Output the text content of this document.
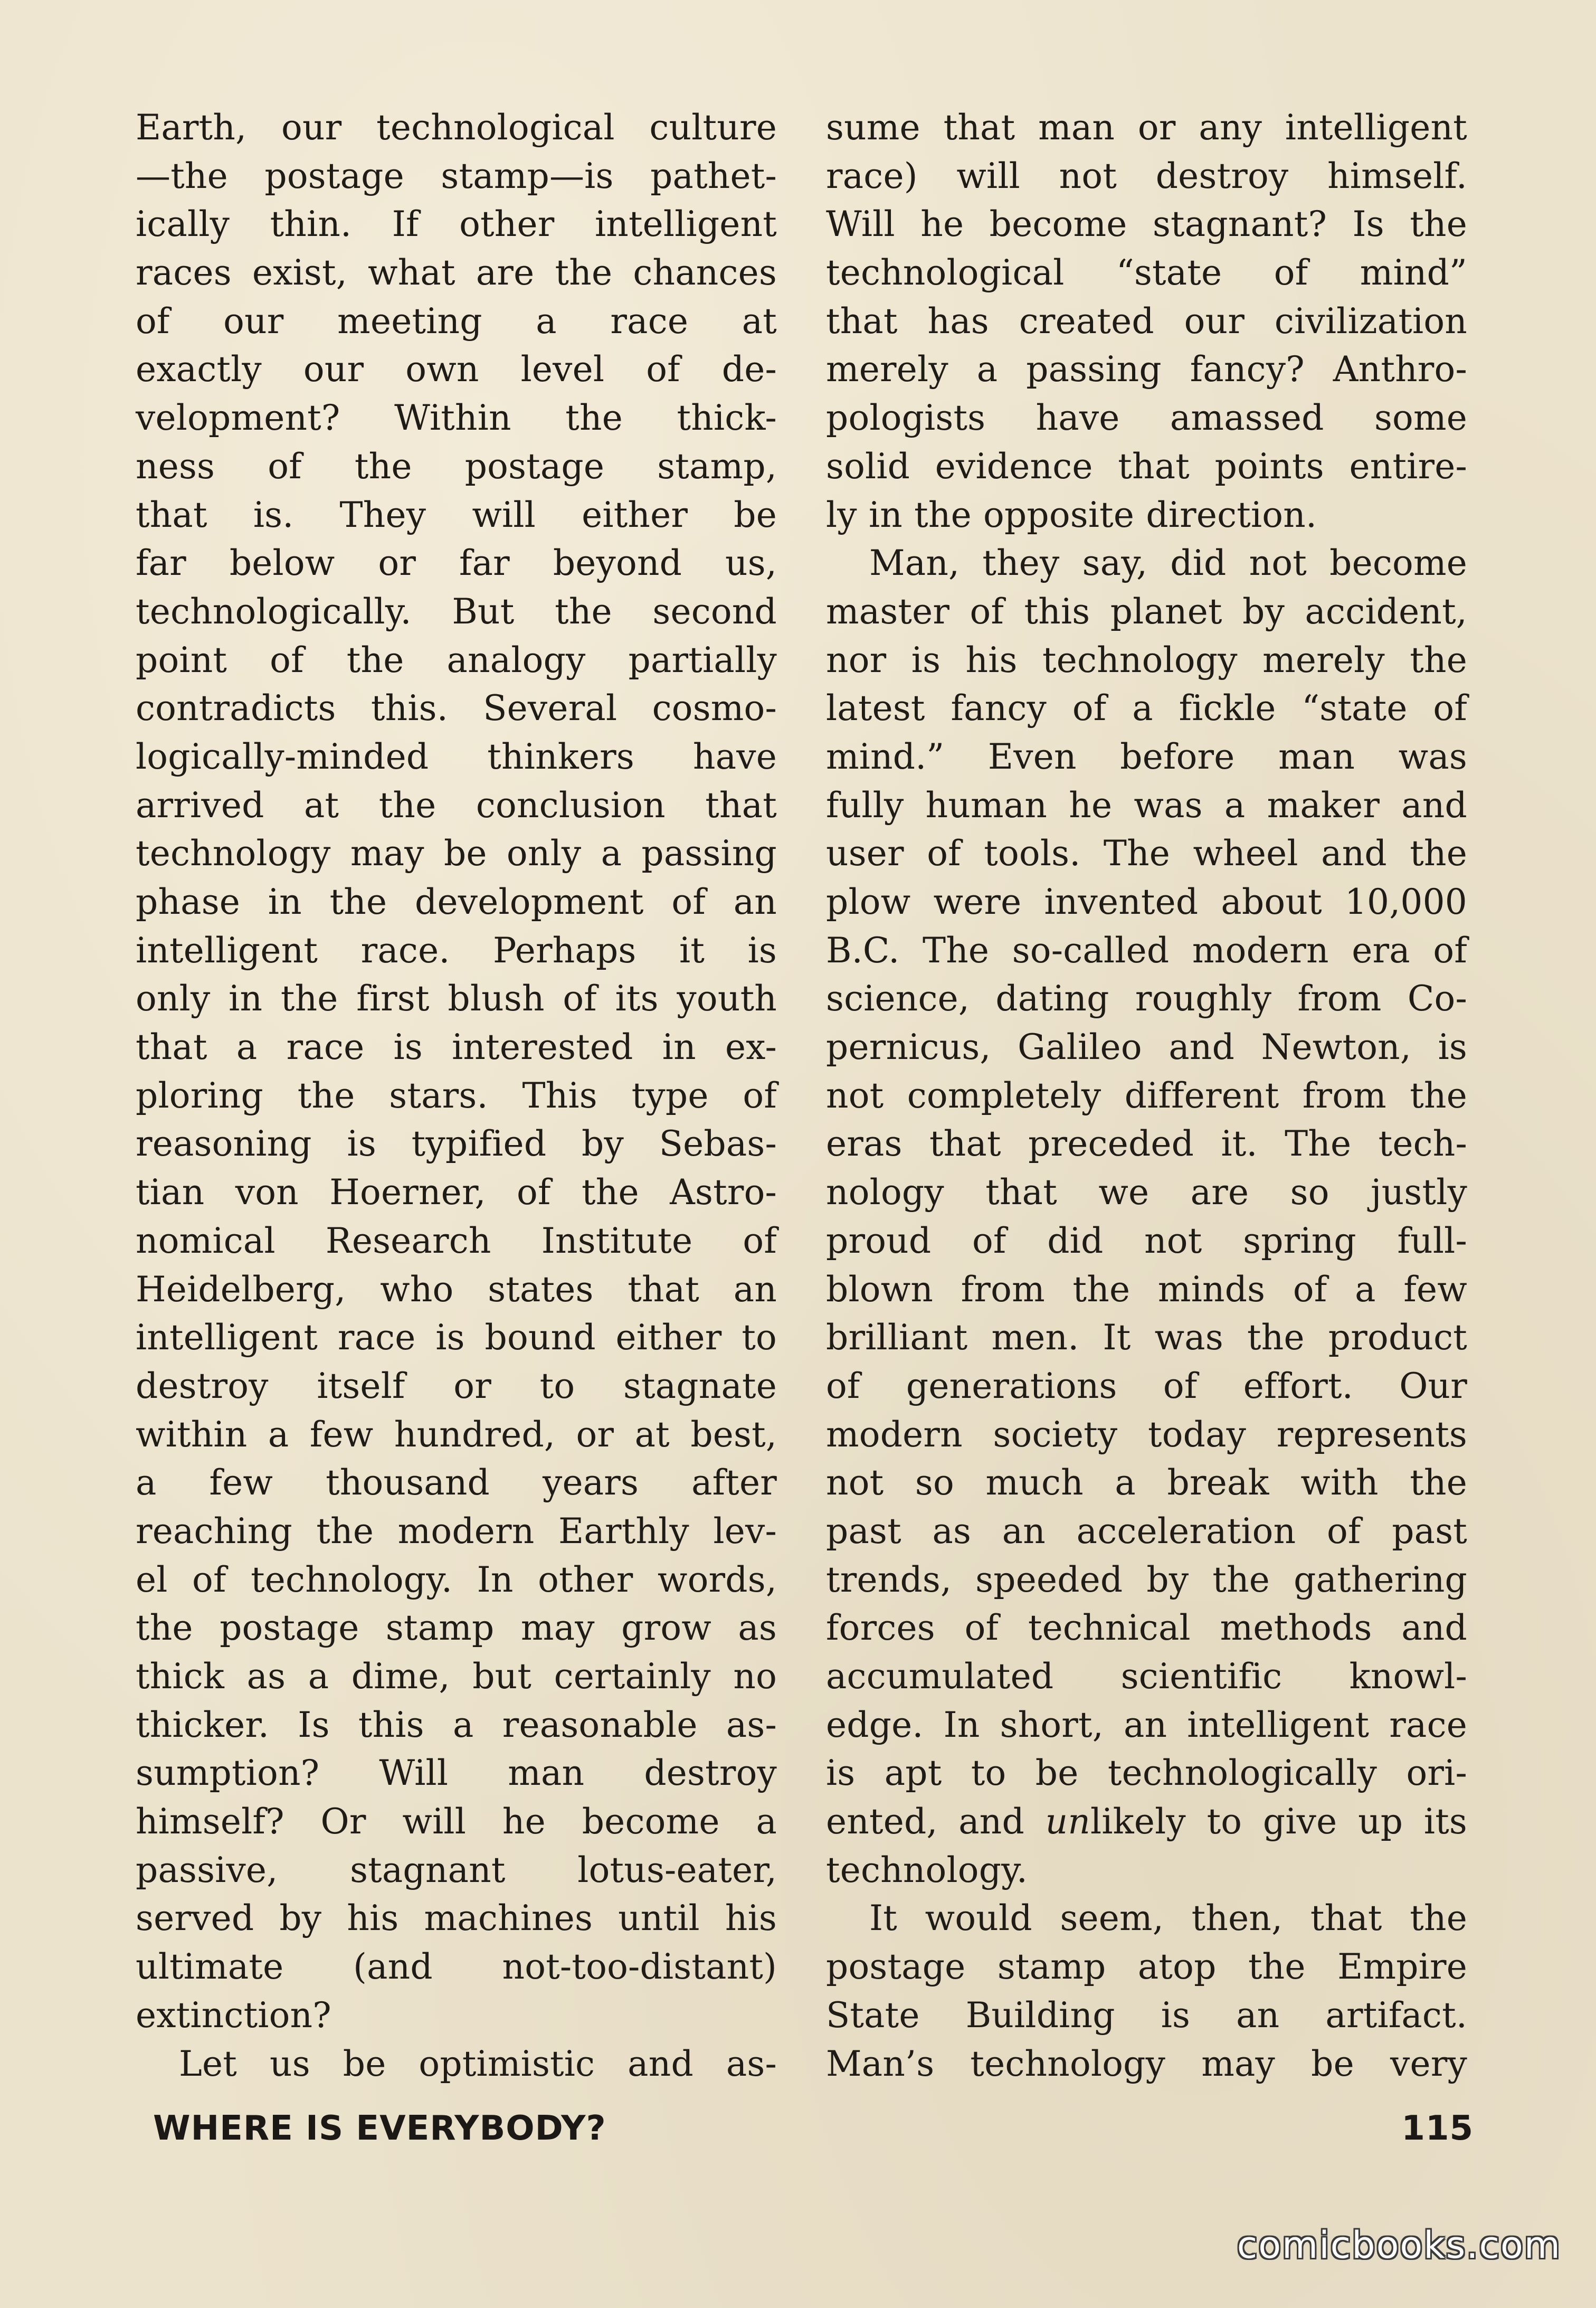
Earth, our technological culture
—the postage stamp—is pathet-
ically thin. If other intelligent
races exist, what are the chances
of our meeting a race at
exactly our own level of de-
velopment? Within the thick-
ness of the postage stamp,
that is. They will either be
far below or far beyond us,
technologically. But the second
point of the analogy partially
contradicts this. Several cosmo-
logically-minded thinkers have
arrived at the conclusion that
technology may be only a passing
phase in the development of an
intelligent race. Perhaps it is
only in the first blush of its youth
that a race is interested in ex-
ploring the stars. This type of
reasoning is typified by Sebas-
tian von Hoerner, of the Astro-
nomical Research Institute of
Heidelberg, who states that an
intelligent race is bound either to
destroy itself or to stagnate
within a few hundred, or at best,
a few thousand years after
reaching the modern Earthly lev-
el of technology. In other words,
the postage stamp may grow as
thick as a dime, but certainly no
thicker. Is this a reasonable as-
sumption? Will man destroy
himself? Or will he become a
passive, stagnant lotus-eater,
served by his machines until his
ultimate (and not-too-distant)
extinction?
Let us be optimistic and as-
sume that man or any intelligent
race) will not destroy himself.
Will he become stagnant? Is the
technological “state of mind”
that has created our civilization
merely a passing fancy? Anthro-
pologists have amassed some
solid evidence that points entire-
ly in the opposite direction.
Man, they say, did not become
master of this planet by accident,
nor is his technology merely the
latest fancy of a fickle “state of
mind.” Even before man was
fully human he was a maker and
user of tools. The wheel and the
plow were invented about 10,000
B.C. The so-called modern era of
science, dating roughly from Co-
pernicus, Galileo and Newton, is
not completely different from the
eras that preceded it. The tech-
nology that we are so justly
proud of did not spring full-
blown from the minds of a few
brilliant men. It was the product
of generations of effort. Our
modern society today represents
not so much a break with the
past as an acceleration of past
trends, speeded by the gathering
forces of technical methods and
accumulated scientific knowl-
edge. In short, an intelligent race
is apt to be technologically ori-
ented, and unlikely to give up its
technology.
It would seem, then, that the
postage stamp atop the Empire
State Building is an artifact.
Man’s technology may be very
WHERE IS EVERYBODY?	115
comicbooks.com
